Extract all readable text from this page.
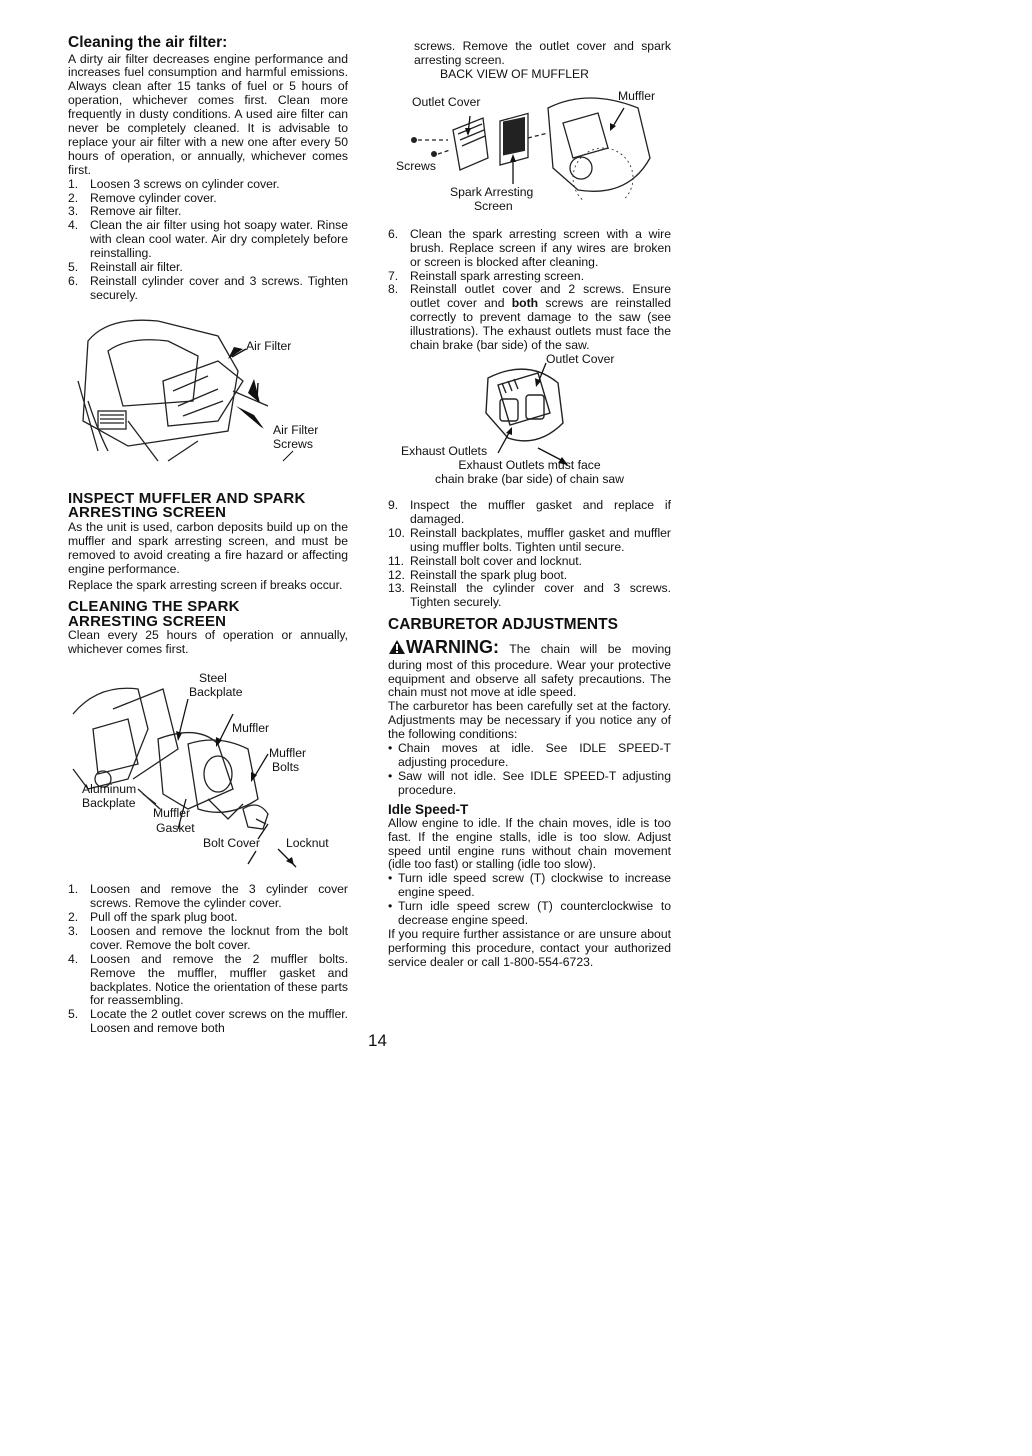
Cleaning the air filter:

A dirty air filter decreases engine performance and increases fuel consumption and harmful emissions. Always clean after 15 tanks of fuel or 5 hours of operation, whichever comes first. Clean more frequently in dusty conditions. A used aire filter can never be completely cleaned. It is advisable to replace your air filter with a new one after every 50 hours of operation, or annually, whichever comes first.

1. Loosen 3 screws on cylinder cover.
2. Remove cylinder cover.
3. Remove air filter.
4. Clean the air filter using hot soapy water. Rinse with clean cool water. Air dry completely before reinstalling.
5. Reinstall air filter.
6. Reinstall cylinder cover and 3 screws. Tighten securely.
Air Filter
Air Filter
Screws
INSPECT MUFFLER AND SPARK
ARRESTING SCREEN

As the unit is used, carbon deposits build up on the muffler and spark arresting screen, and must be removed to avoid creating a fire hazard or affecting engine performance.

Replace the spark arresting screen if breaks occur.

CLEANING THE SPARK
ARRESTING SCREEN

Clean every 25 hours of operation or annually, whichever comes first.

Steel
Backplate
Muffler
Muffler
Bolts
Aluminum
Backplate
Muffler
Gasket
Bolt Cover Locknut
1. Loosen and remove the 3 cylinder cover screws. Remove the cylinder cover.
2. Pull off the spark plug boot.
3. Loosen and remove the locknut from the bolt cover. Remove the bolt cover.
4. Loosen and remove the 2 muffler bolts. Remove the muffler, muffler gasket and backplates. Notice the orientation of these parts for reassembling.
5. Locate the 2 outlet cover screws on the muffler. Loosen and remove both

screws. Remove the outlet cover and spark arresting screen.

BACK VIEW OF MUFFLER
Outlet Cover	Muffler
Screws
Spark Arresting
Screen
6. Clean the spark arresting screen with a wire brush. Replace screen if any wires are broken or screen is blocked after cleaning.
7. Reinstall spark arresting screen.
8. Reinstall outlet cover and 2 screws. Ensure outlet cover and both screws are reinstalled correctly to prevent damage to the saw (see illustrations). The exhaust outlets must face the chain brake (bar side) of the saw.
Outlet Cover
Exhaust Outlets
Exhaust Outlets must face
chain brake (bar side) of chain saw
9. Inspect the muffler gasket and replace if damaged.
10. Reinstall backplates, muffler gasket and muffler using muffler bolts. Tighten until secure.
11. Reinstall bolt cover and locknut.
12. Reinstall the spark plug boot.
13. Reinstall the cylinder cover and 3 screws. Tighten securely.
CARBURETOR ADJUSTMENTS

WARNING: The chain will be moving during most of this procedure. Wear your protective equipment and observe all safety precautions. The chain must not move at idle speed.

The carburetor has been carefully set at the factory. Adjustments may be necessary if you notice any of the following conditions:

• Chain moves at idle. See IDLE SPEED-T adjusting procedure.
• Saw will not idle. See IDLE SPEED-T adjusting procedure.
Idle Speed-T

Allow engine to idle. If the chain moves, idle is too fast. If the engine stalls, idle is too slow. Adjust speed until engine runs without chain movement (idle too fast) or stalling (idle too slow).

• Turn idle speed screw (T) clockwise to increase engine speed.
• Turn idle speed screw (T) counterclockwise to decrease engine speed.

If you require further assistance or are unsure about performing this procedure, contact your authorized service dealer or call 1-800-554-6723.

14
